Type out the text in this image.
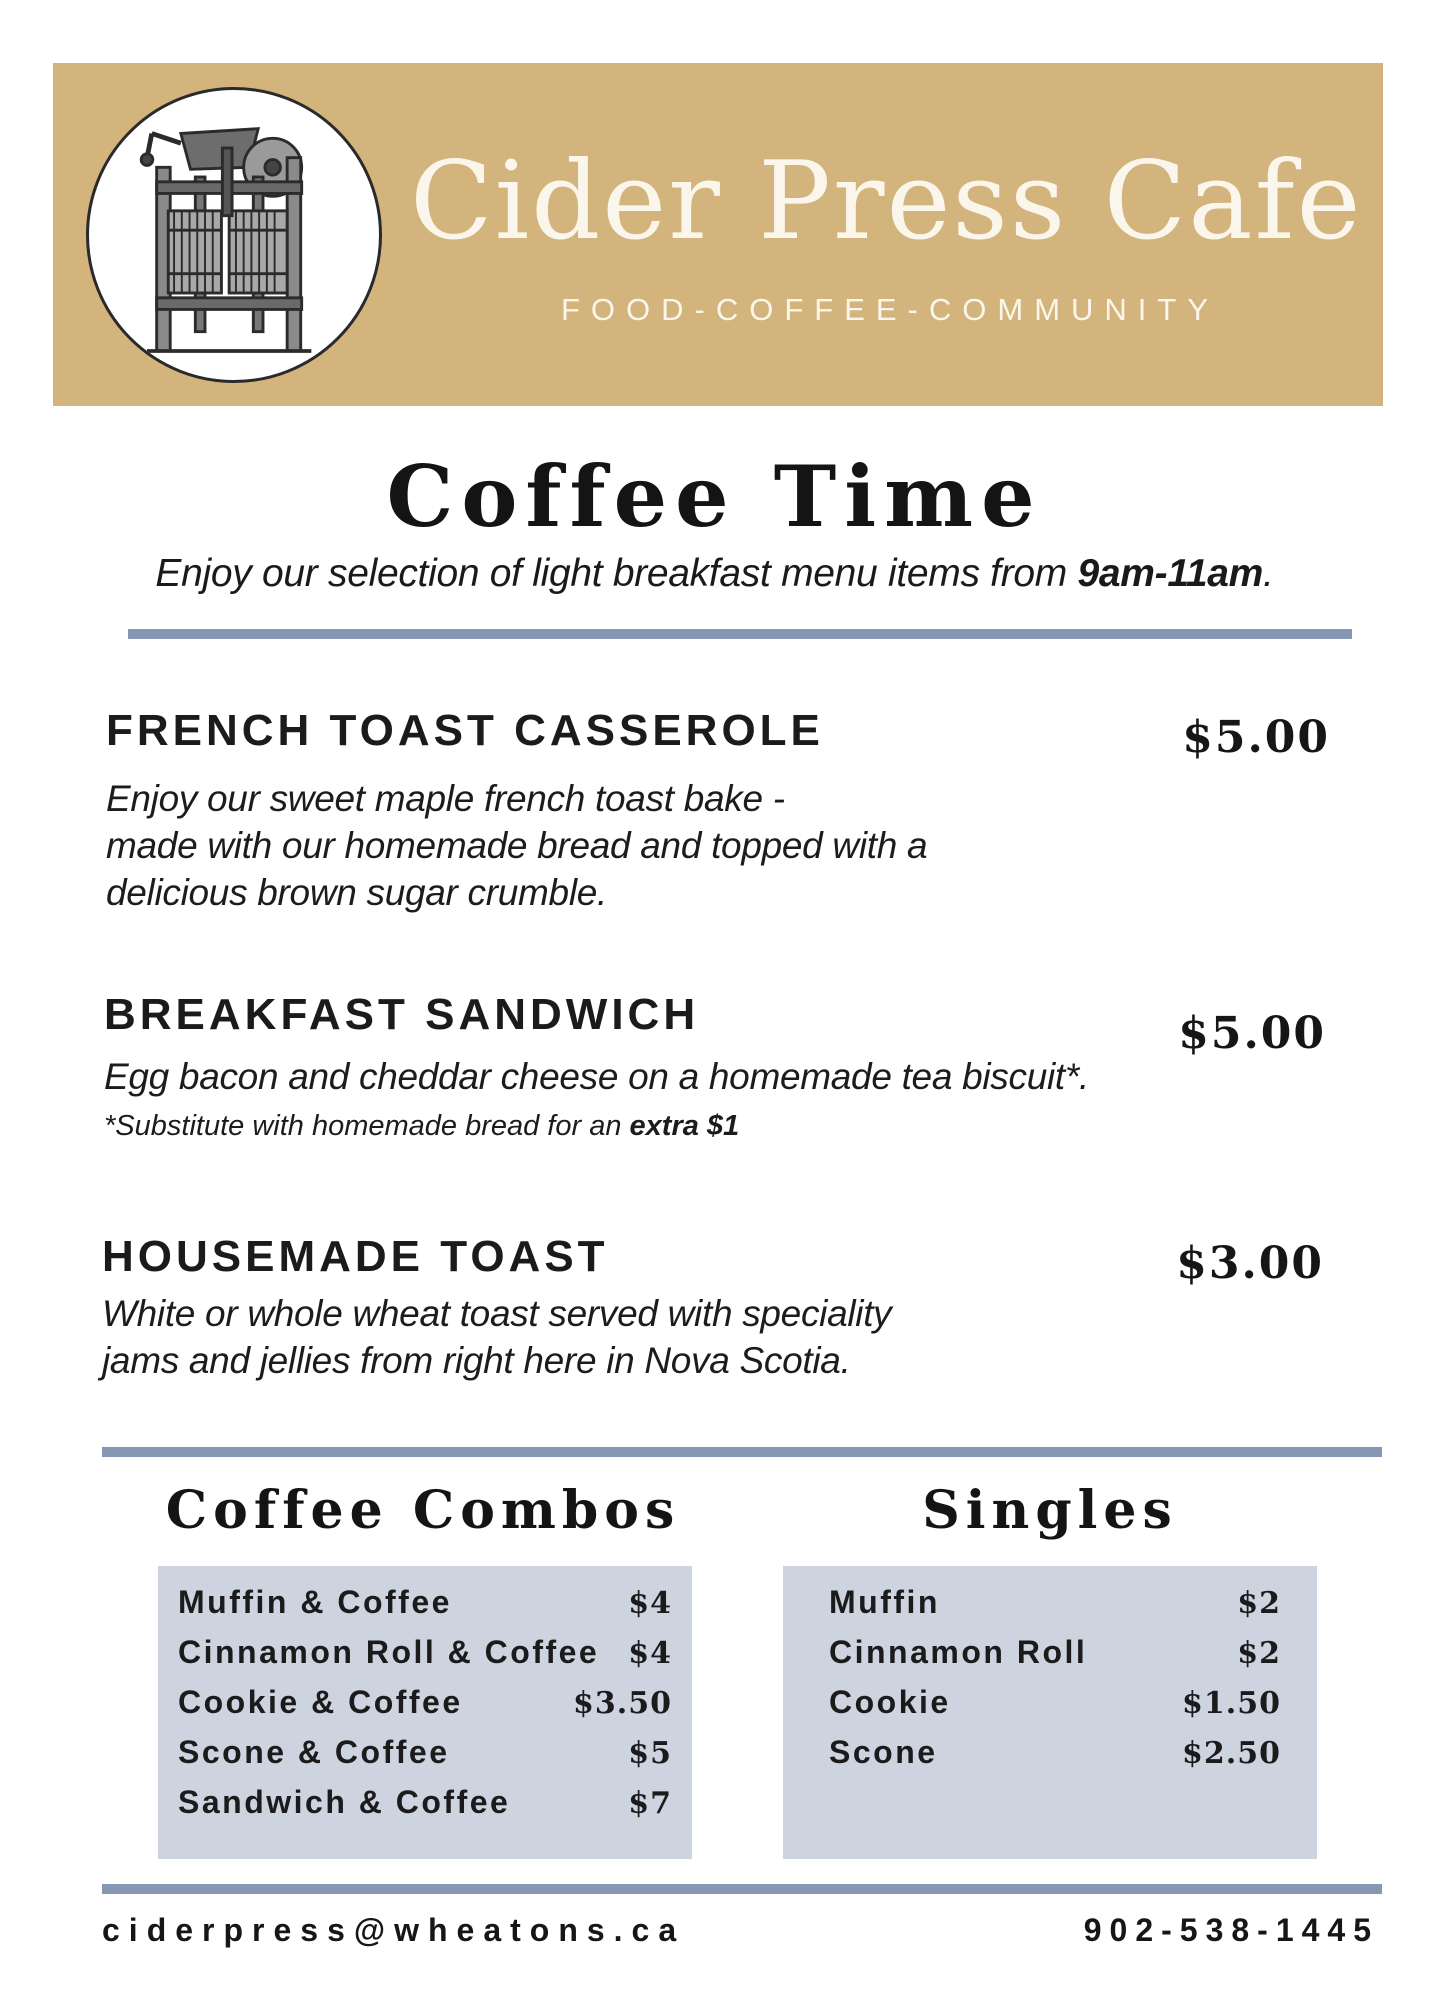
Cider Press Cafe
FOOD-COFFEE-COMMUNITY
Coffee Time
Enjoy our selection of light breakfast menu items from 9am-11am.
FRENCH TOAST CASSEROLE	$5.00
Enjoy our sweet maple french toast bake -
made with our homemade bread and topped with a
delicious brown sugar crumble.
BREAKFAST SANDWICH	$5.00
Egg bacon and cheddar cheese on a homemade tea biscuit*.
*Substitute with homemade bread for an extra $1
HOUSEMADE TOAST	$3.00
White or whole wheat toast served with speciality
jams and jellies from right here in Nova Scotia.
Coffee Combos
Muffin & Coffee	$4
Cinnamon Roll & Coffee $4
Cookie & Coffee	$3.50
Scone & Coffee	$5
Sandwich & Coffee	$7
Singles
Muffin	$2
Cinnamon Roll	$2
Cookie	$1.50
Scone	$2.50
ciderpress@wheatons.ca	902-538-1445
